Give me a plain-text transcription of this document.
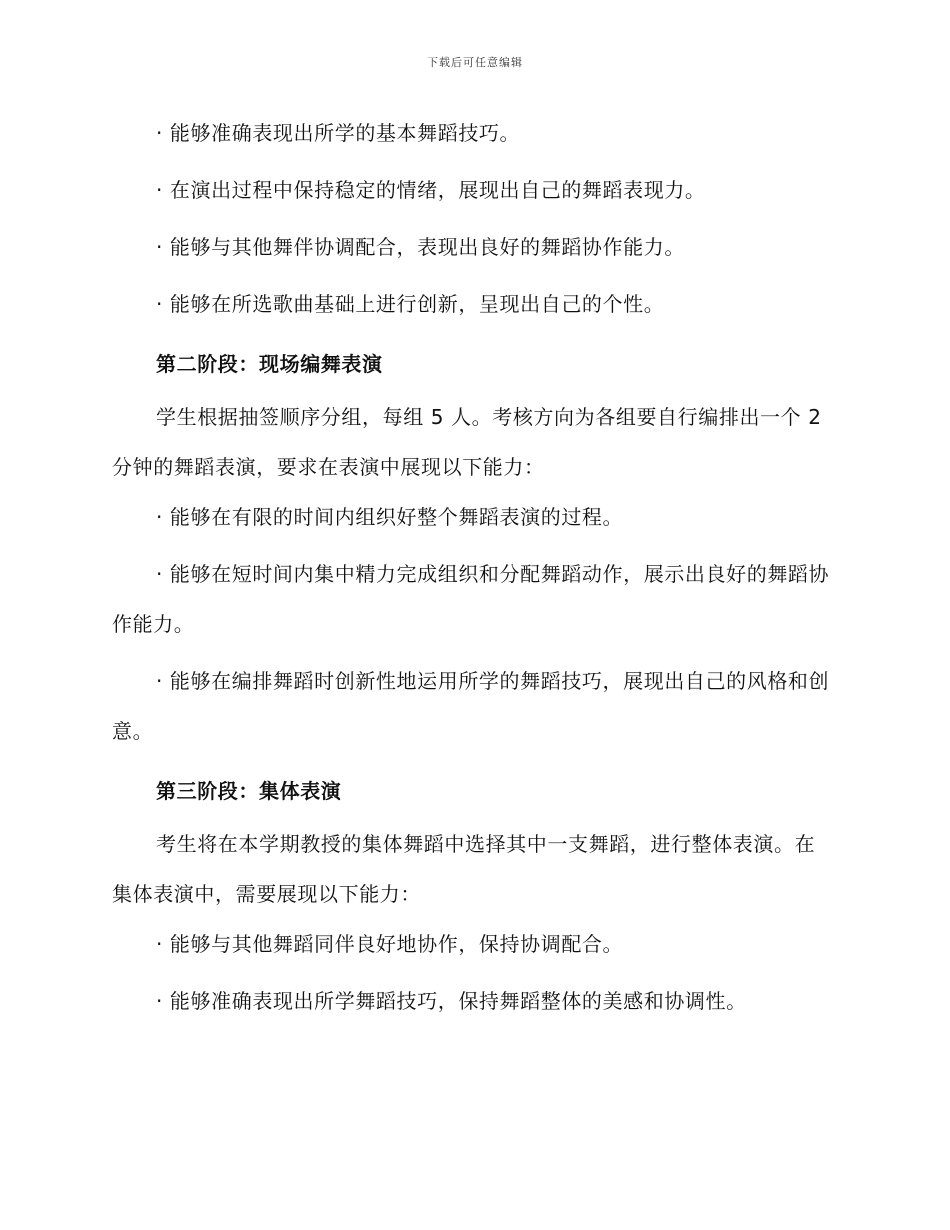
下载后可任意编辑

· 能够准确表现出所学的基本舞蹈技巧。

· 在演出过程中保持稳定的情绪，展现出自己的舞蹈表现力。

· 能够与其他舞伴协调配合，表现出良好的舞蹈协作能力。

· 能够在所选歌曲基础上进行创新，呈现出自己的个性。

第二阶段：现场编舞表演

学生根据抽签顺序分组，每组 5 人。考核方向为各组要自行编排出一个 2 分钟的舞蹈表演，要求在表演中展现以下能力：

· 能够在有限的时间内组织好整个舞蹈表演的过程。

· 能够在短时间内集中精力完成组织和分配舞蹈动作，展示出良好的舞蹈协作能力。

· 能够在编排舞蹈时创新性地运用所学的舞蹈技巧，展现出自己的风格和创意。

第三阶段：集体表演

考生将在本学期教授的集体舞蹈中选择其中一支舞蹈，进行整体表演。在集体表演中，需要展现以下能力：

· 能够与其他舞蹈同伴良好地协作，保持协调配合。

· 能够准确表现出所学舞蹈技巧，保持舞蹈整体的美感和协调性。
